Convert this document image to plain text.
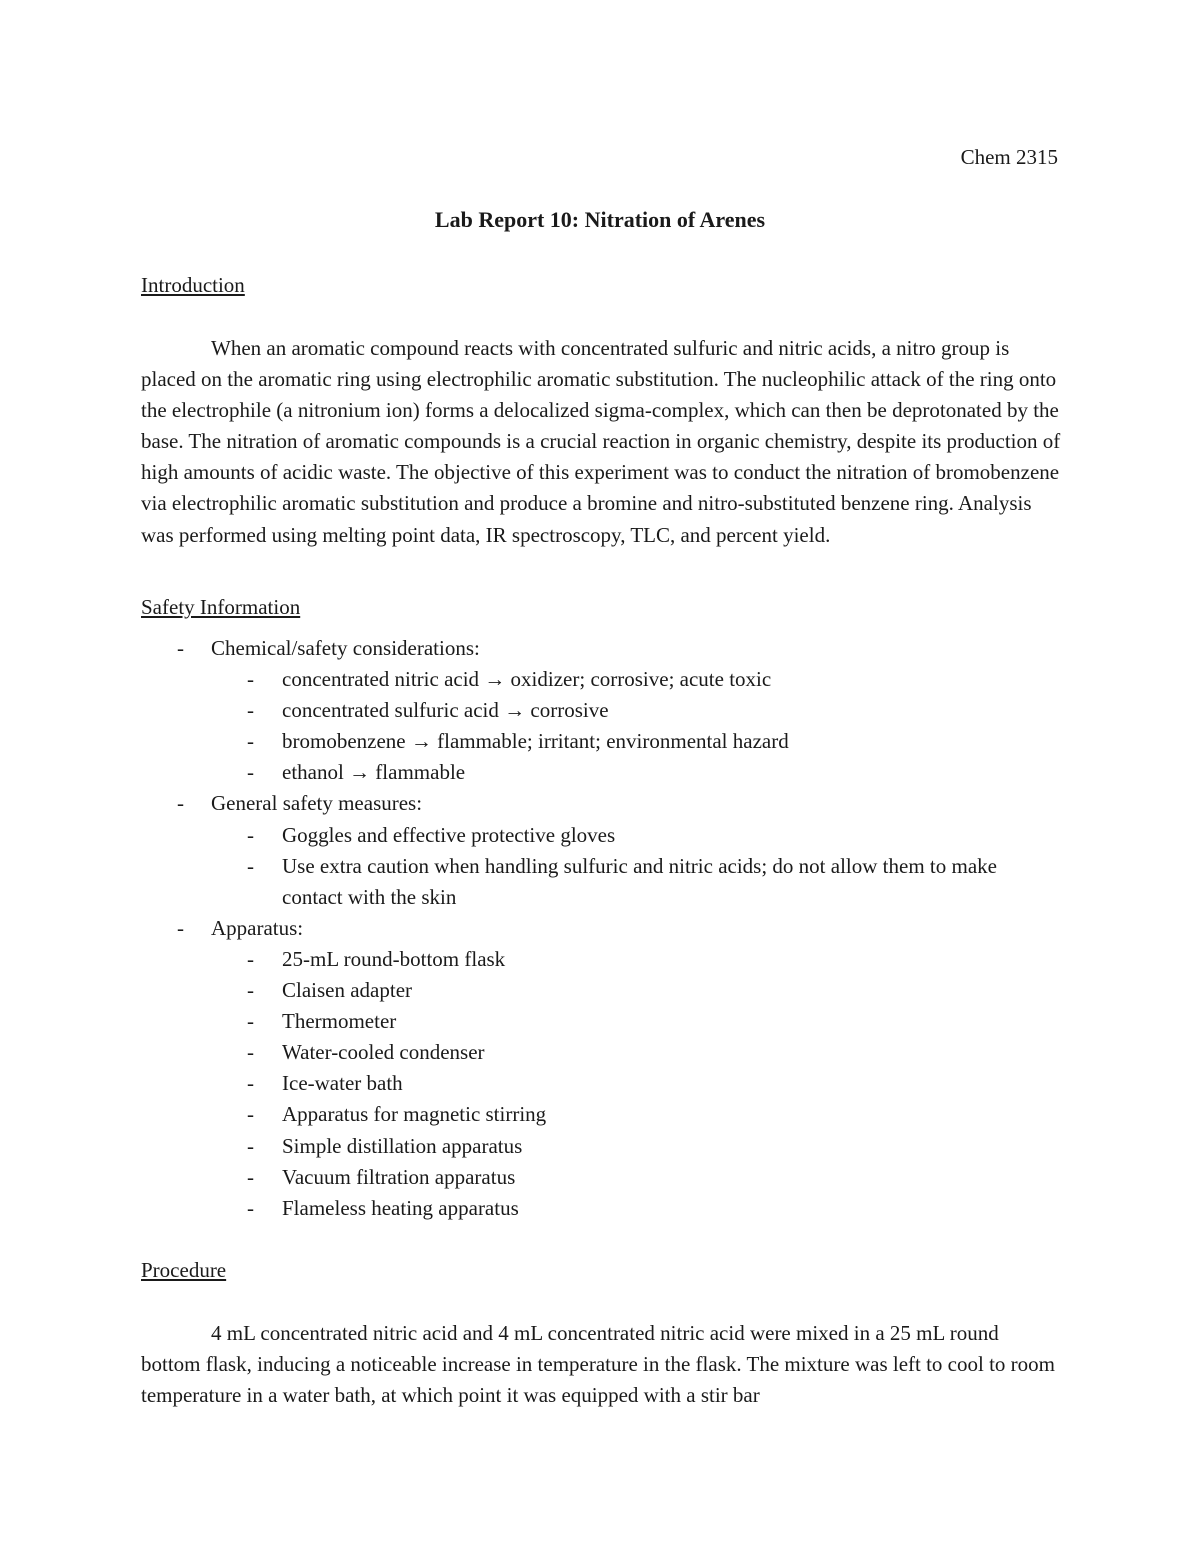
Chem 2315
Lab Report 10: Nitration of Arenes
Introduction

When an aromatic compound reacts with concentrated sulfuric and nitric acids, a nitro group is placed on the aromatic ring using electrophilic aromatic substitution. The nucleophilic attack of the ring onto the electrophile (a nitronium ion) forms a delocalized sigma-complex, which can then be deprotonated by the base. The nitration of aromatic compounds is a crucial reaction in organic chemistry, despite its production of high amounts of acidic waste. The objective of this experiment was to conduct the nitration of bromobenzene via electrophilic aromatic substitution and produce a bromine and nitro-substituted benzene ring. Analysis was performed using melting point data, IR spectroscopy, TLC, and percent yield.

Safety Information
- Chemical/safety considerations:
- concentrated nitric acid → oxidizer; corrosive; acute toxic
- concentrated sulfuric acid → corrosive
- bromobenzene → flammable; irritant; environmental hazard
- ethanol → flammable
- General safety measures:
- Goggles and effective protective gloves
- Use extra caution when handling sulfuric and nitric acids; do not allow them to make contact with the skin
- Apparatus:
- 25-mL round-bottom flask
- Claisen adapter
- Thermometer
- Water-cooled condenser
- Ice-water bath
- Apparatus for magnetic stirring
- Simple distillation apparatus
- Vacuum filtration apparatus
- Flameless heating apparatus
Procedure

4 mL concentrated nitric acid and 4 mL concentrated nitric acid were mixed in a 25 mL round bottom flask, inducing a noticeable increase in temperature in the flask. The mixture was left to cool to room temperature in a water bath, at which point it was equipped with a stir bar
